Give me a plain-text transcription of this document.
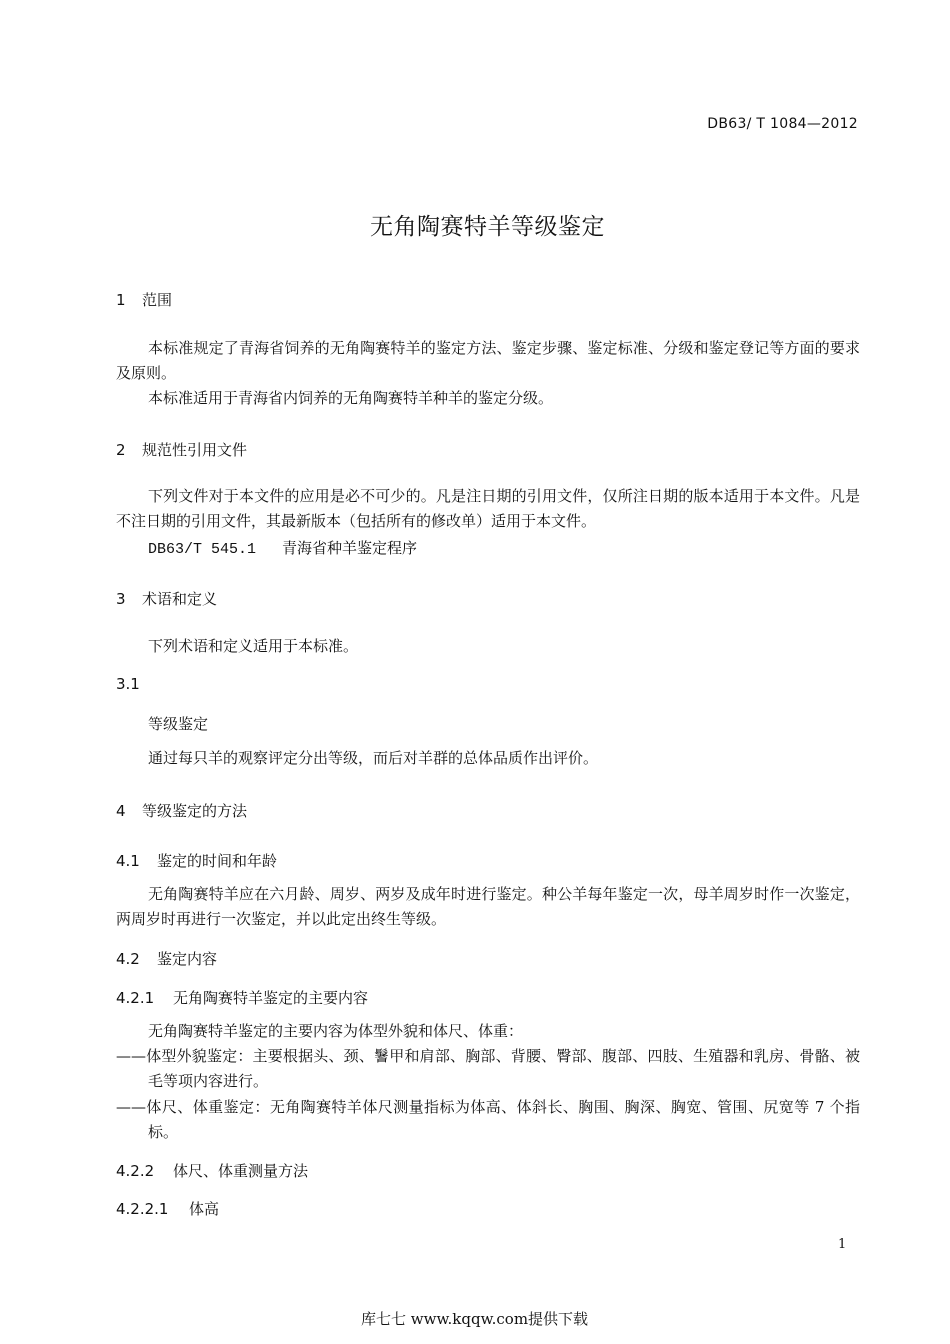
DB63/ T 1084—2012
无角陶赛特羊等级鉴定
1 范围
本标准规定了青海省饲养的无角陶赛特羊的鉴定方法、鉴定步骤、鉴定标准、分级和鉴定登记等方面的要求及原则。
本标准适用于青海省内饲养的无角陶赛特羊种羊的鉴定分级。
2 规范性引用文件
下列文件对于本文件的应用是必不可少的。凡是注日期的引用文件，仅所注日期的版本适用于本文件。凡是不注日期的引用文件，其最新版本（包括所有的修改单）适用于本文件。
DB63/T 545.1 青海省种羊鉴定程序
3 术语和定义
下列术语和定义适用于本标准。
3.1
等级鉴定
通过每只羊的观察评定分出等级，而后对羊群的总体品质作出评价。
4 等级鉴定的方法
4.1 鉴定的时间和年龄
无角陶赛特羊应在六月龄、周岁、两岁及成年时进行鉴定。种公羊每年鉴定一次，母羊周岁时作一次鉴定，两周岁时再进行一次鉴定，并以此定出终生等级。
4.2 鉴定内容
4.2.1 无角陶赛特羊鉴定的主要内容
无角陶赛特羊鉴定的主要内容为体型外貌和体尺、体重：
——体型外貌鉴定：主要根据头、颈、鬐甲和肩部、胸部、背腰、臀部、腹部、四肢、生殖器和乳房、骨骼、被毛等项内容进行。
——体尺、体重鉴定：无角陶赛特羊体尺测量指标为体高、体斜长、胸围、胸深、胸宽、管围、尻宽等 7 个指标。
4.2.2 体尺、体重测量方法
4.2.2.1 体高
1
库七七 www.kqqw.com提供下载
